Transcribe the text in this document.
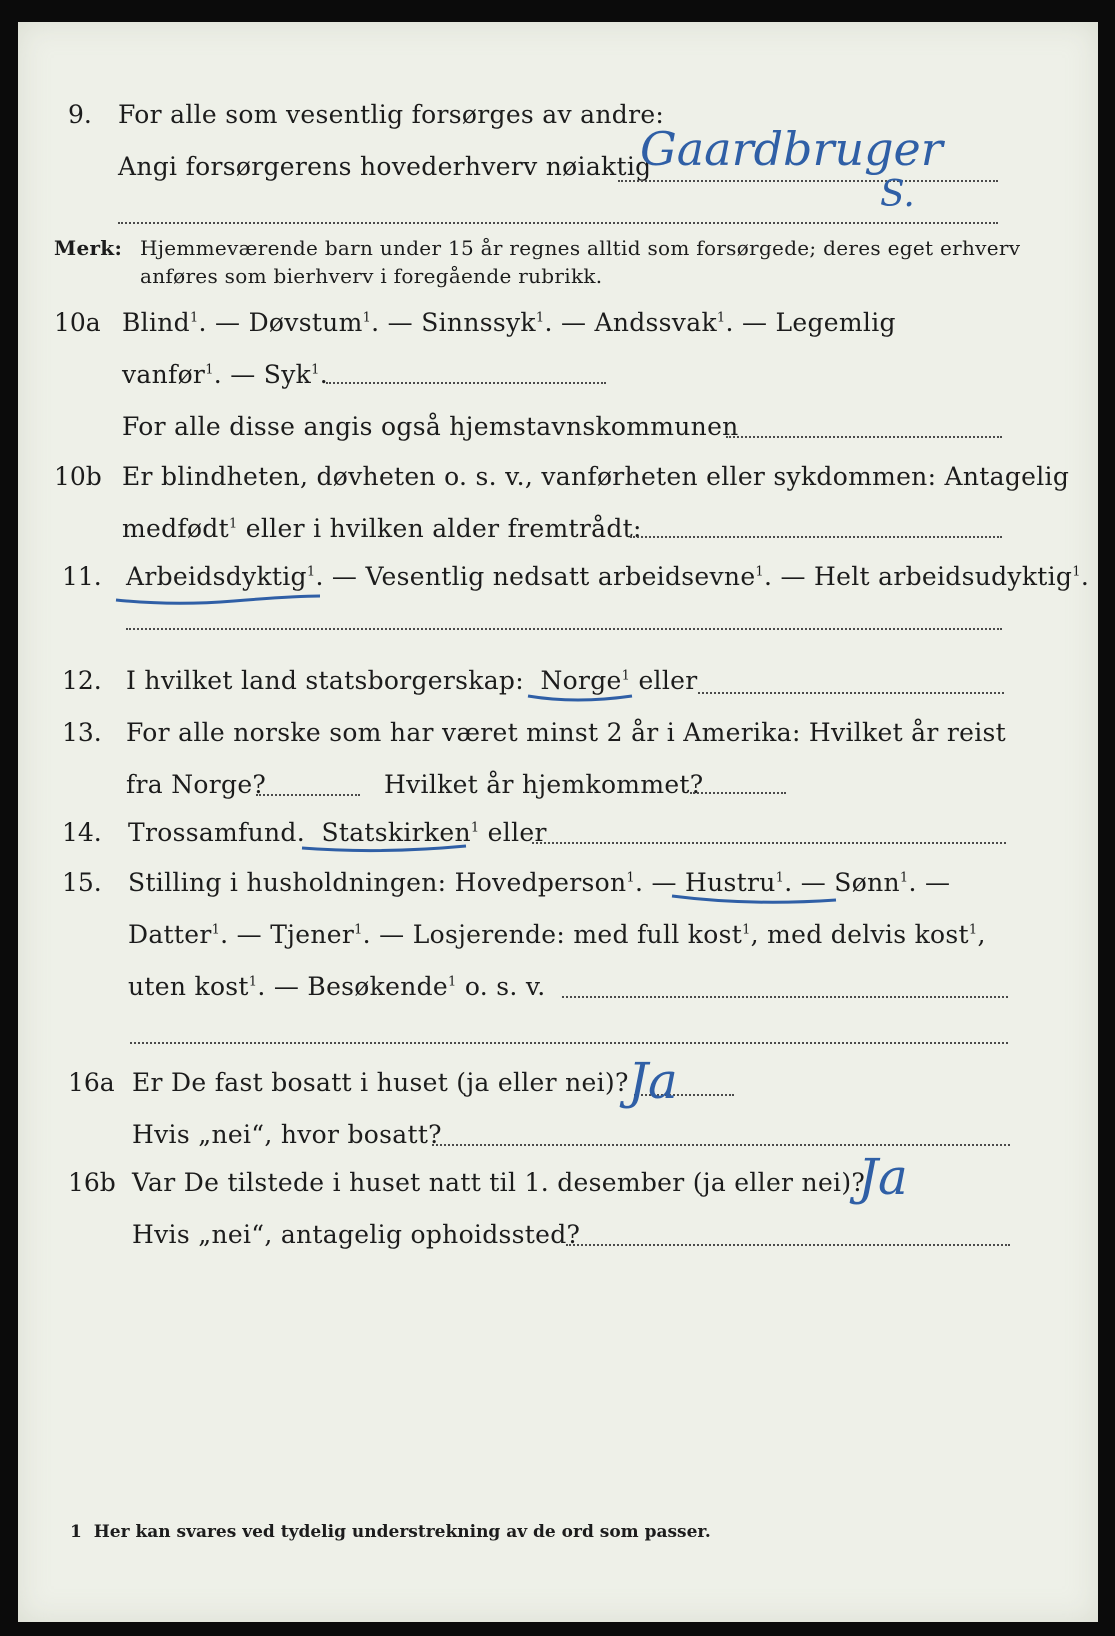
9. For alle som vesentlig forsørges av andre:
Angi forsørgerens hovederhverv nøiaktig
Gaardbruger
S.
Merk: Hjemmeværende barn under 15 år regnes alltid som forsørgede; deres eget erhverv
anføres som bierhverv i foregående rubrikk.
10a Blind$^1$. — Døvstum$^1$. — Sinnssyk$^1$. — Andssvak$^1$. — Legemlig
vanfør$^1$. — Syk$^1$.
For alle disse angis også hjemstavnskommunen
10b Er blindheten, døvheten o. s. v., vanførheten eller sykdommen: Antagelig
medfødt$^1$ eller i hvilken alder fremtrådt:
11. Arbeidsdyktig$^1$. — Vesentlig nedsatt arbeidsevne$^1$. — Helt arbeidsudyktig$^1$.
12. I hvilket land statsborgerskap: Norge$^1$ eller
13. For alle norske som har været minst 2 år i Amerika: Hvilket år reist
fra Norge?	Hvilket år hjemkommet?
14. Trossamfund. Statskirken$^1$ eller
15. Stilling i husholdningen: Hovedperson$^1$. — Hustru$^1$. — Sønn$^1$. —
Datter$^1$. — Tjener$^1$. — Losjerende: med full kost$^1$, med delvis kost$^1$,
uten kost$^1$. — Besøkende$^1$ o. s. v.
16a Er De fast bosatt i huset (ja eller nei)? Ja
Hvis „nei“, hvor bosatt?
16b Var De tilstede i huset natt til 1. desember (ja eller nei)?
Ja
Hvis „nei“, antagelig ophoidssted?
1 Her kan svares ved tydelig understrekning av de ord som passer.
